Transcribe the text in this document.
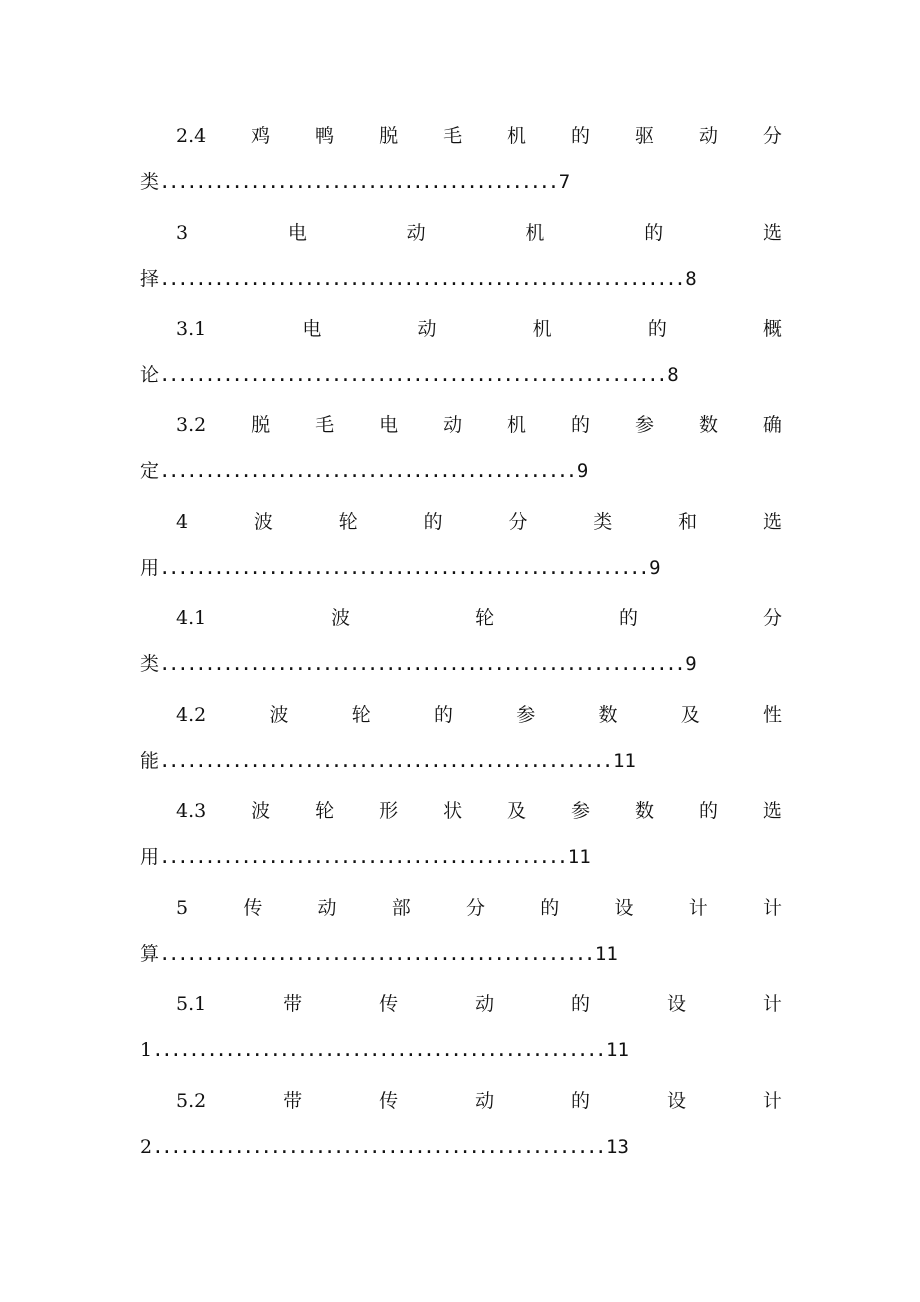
2.4 鸡 鸭 脱 毛 机 的 驱 动 分
类............................................ 7
3	电	动	机	的	选
择.......................................................... 8
3.1	电	动	机	的	概
论........................................................ 8
3.2 脱 毛 电 动 机 的 参 数 确
定.............................................. 9
4	波	轮	的	分	类	和	选
用...................................................... 9
4.1	波	轮	的	分
类.......................................................... 9
4.2	波	轮	的	参	数	及	性
能.................................................. 11
4.3 波 轮 形 状 及 参 数 的 选
用............................................. 11
5	传	动	部	分	的	设	计	计
算................................................ 11
5.1	带	传	动	的	设	计
1.................................................. 11
5.2	带	传	动	的	设	计
2.................................................. 13
